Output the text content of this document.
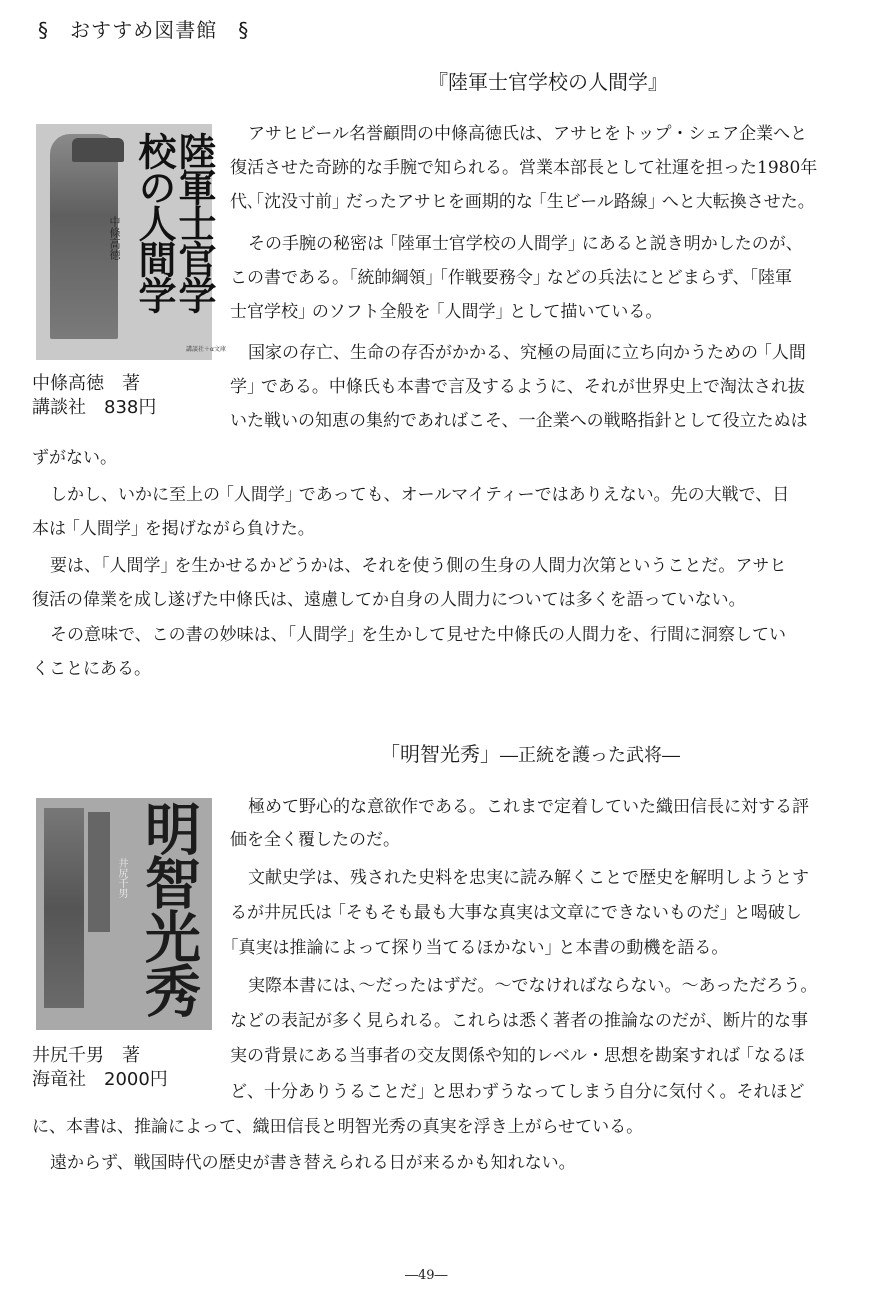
§　おすすめ図書館　§
『陸軍士官学校の人間学』
中條高徳	陸軍士官学校の人間学
講談社＋α文庫
中條高徳　著
講談社　838円
アサヒビール名誉顧問の中條高徳氏は、アサヒをトップ・シェア企業へと
復活させた奇跡的な手腕で知られる。営業本部長として社運を担った1980年
代､｢沈没寸前｣ だったアサヒを画期的な ｢生ビール路線｣ へと大転換させた。
その手腕の秘密は ｢陸軍士官学校の人間学｣ にあると説き明かしたのが、
この書である。｢統帥綱領｣ ｢作戦要務令｣ などの兵法にとどまらず、｢陸軍
士官学校｣ のソフト全般を ｢人間学｣ として描いている。
国家の存亡、生命の存否がかかる、究極の局面に立ち向かうための ｢人間
学｣ である。中條氏も本書で言及するように、それが世界史上で淘汰され抜
いた戦いの知恵の集約であればこそ、一企業への戦略指針として役立たぬは
ずがない。
しかし、いかに至上の ｢人間学｣ であっても、オールマイティーではありえない。先の大戦で、日
本は ｢人間学｣ を掲げながら負けた。
要は、｢人間学｣ を生かせるかどうかは、それを使う側の生身の人間力次第ということだ。アサヒ
復活の偉業を成し遂げた中條氏は、遠慮してか自身の人間力については多くを語っていない。
その意味で、この書の妙味は、｢人間学｣ を生かして見せた中條氏の人間力を、行間に洞察してい
くことにある。
「明智光秀」―正統を護った武将―
井尻千男 明智光秀
井尻千男　著
海竜社　2000円
極めて野心的な意欲作である。これまで定着していた織田信長に対する評
価を全く覆したのだ。
文献史学は、残された史料を忠実に読み解くことで歴史を解明しようとす
るが井尻氏は ｢そもそも最も大事な真実は文章にできないものだ｣ と喝破し
｢真実は推論によって探り当てるほかない｣ と本書の動機を語る。
実際本書には､～だったはずだ。～でなければならない。～あっただろう。
などの表記が多く見られる。これらは悉く著者の推論なのだが、断片的な事
実の背景にある当事者の交友関係や知的レベル・思想を勘案すれば ｢なるほ
ど、十分ありうることだ｣ と思わずうなってしまう自分に気付く。それほど
に、本書は、推論によって、織田信長と明智光秀の真実を浮き上がらせている。
遠からず、戦国時代の歴史が書き替えられる日が来るかも知れない。
―49―
